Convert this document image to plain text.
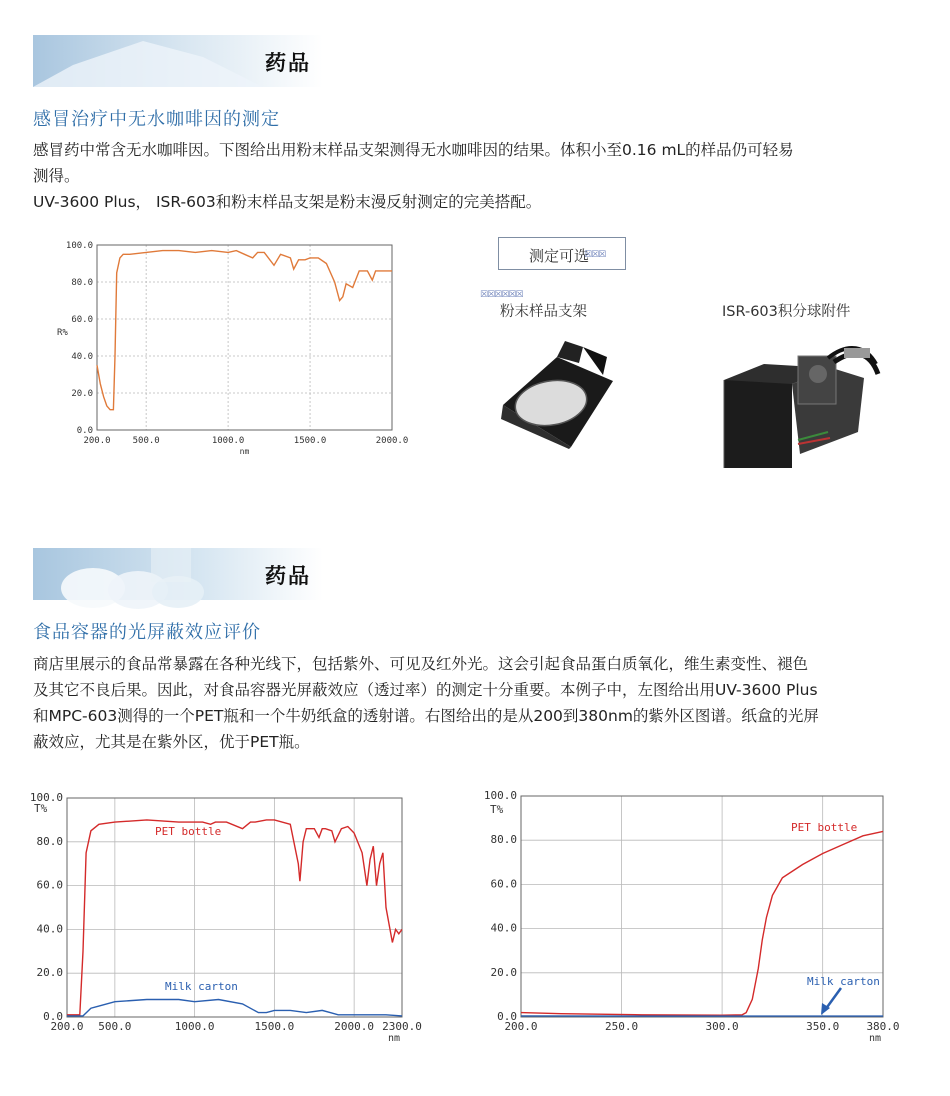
药品
感冒治疗中无水咖啡因的测定

感冒药中常含无水咖啡因。下图给出用粉末样品支架测得无水咖啡因的结果。体积小至0.16 mL的样品仍可轻易

测得。

UV-3600 Plus， ISR-603和粉末样品支架是粉末漫反射测定的完美搭配。

0.0
20.0
40.0
60.0
80.0
100.0
200.0 500.0	1000.0	1500.0	2000.0
R%
nm
测定可选
☒☒☒
☒☒☒☒☒☒
粉末样品支架	ISR-603积分球附件
药品
食品容器的光屏蔽效应评价

商店里展示的食品常暴露在各种光线下，包括紫外、可见及红外光。这会引起食品蛋白质氧化，维生素变性、褪色

及其它不良后果。因此，对食品容器光屏蔽效应（透过率）的测定十分重要。本例子中，左图给出用UV-3600 Plus

和MPC-603测得的一个PET瓶和一个牛奶纸盒的透射谱。右图给出的是从200到380nm的紫外区图谱。纸盒的光屏

蔽效应，尤其是在紫外区，优于PET瓶。

0.0
20.0
40.0
60.0
80.0
100.0
200.0 500.0	1000.0	1500.0	2000.0 2300.0
T%
nm
PET bottle
Milk carton
0.0
20.0
40.0
60.0
80.0
100.0
200.0	250.0	300.0	350.0 380.0
T%
nm
PET bottle
Milk carton
